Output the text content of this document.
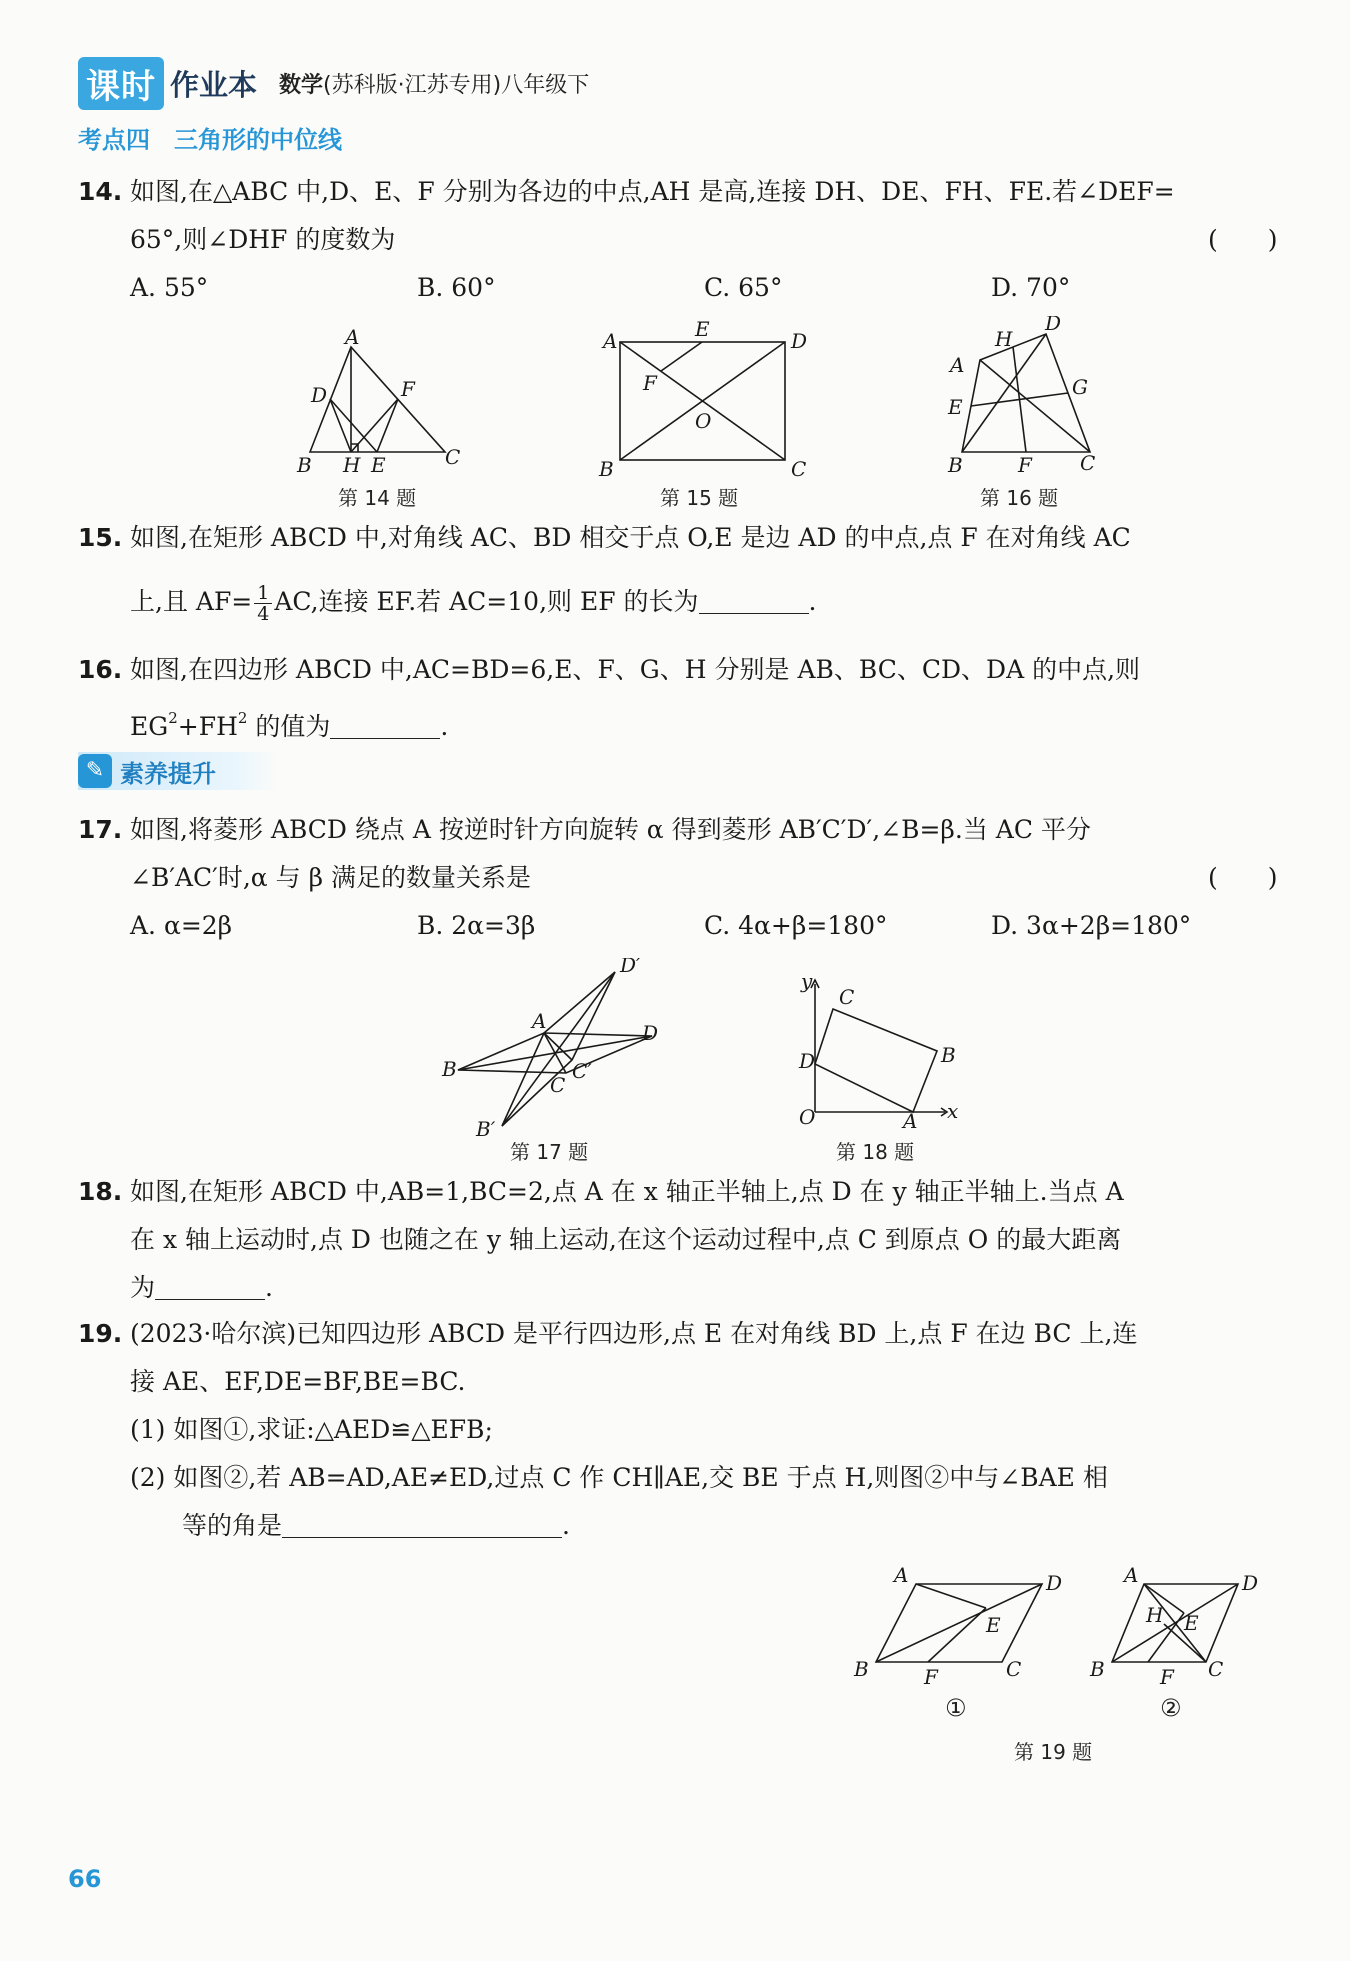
课时 作业本 数学(苏科版·江苏专用)八年级下
考点四　三角形的中位线
14. 如图,在△ABC 中,D、E、F 分别为各边的中点,AH 是高,连接 DH、DE、FH、FE.若∠DEF=
(　　)
65°,则∠DHF 的度数为
A. 55°	B. 60°	C. 65°	D. 70°
A
D	F
B H E	C
第 14 题
A	E	D
F
O
B	C
第 15 题
H
D
A
G
E
B	F C
第 16 题
15. 如图,在矩形 ABCD 中,对角线 AC、BD 相交于点 O,E 是边 AD 的中点,点 F 在对角线 AC
上,且 $AF= \frac{1}{4}$ AC,连接 EF.若 AC=10,则 EF 的长为	.
16. 如图,在四边形 ABCD 中,AC=BD=6,E、F、G、H 分别是 AB、BC、CD、DA 的中点,则
$EG^2+FH^2$ 的值为	.
✎ 素养提升
17. 如图,将菱形 ABCD 绕点 A 按逆时针方向旋转 α 得到菱形 AB′C′D′,∠B=β.当 AC 平分
(　　)
∠B′AC′时,α 与 β 满足的数量关系是
A. α=2β	B. 2α=3β	C. 4α+β=180°	D. 3α+2β=180°
D′
A	D
B
C
C′
B′
第 17 题
y
C
D	B
O	A x
第 18 题
18. 如图,在矩形 ABCD 中,AB=1,BC=2,点 A 在 x 轴正半轴上,点 D 在 y 轴正半轴上.当点 A
在 x 轴上运动时,点 D 也随之在 y 轴上运动,在这个运动过程中,点 C 到原点 O 的最大距离
为	.
19. (2023·哈尔滨)已知四边形 ABCD 是平行四边形,点 E 在对角线 BD 上,点 F 在边 BC 上,连
接 AE、EF,DE=BF,BE=BC.
(1) 如图①,求证:△AED≌△EFB;
(2) 如图②,若 AB=AD,AE≠ED,过点 C 作 CH∥AE,交 BE 于点 H,则图②中与∠BAE 相
等的角是	.
A	D
E
B	F	C
A	D
H E
B	F C
①	②
第 19 题
66
